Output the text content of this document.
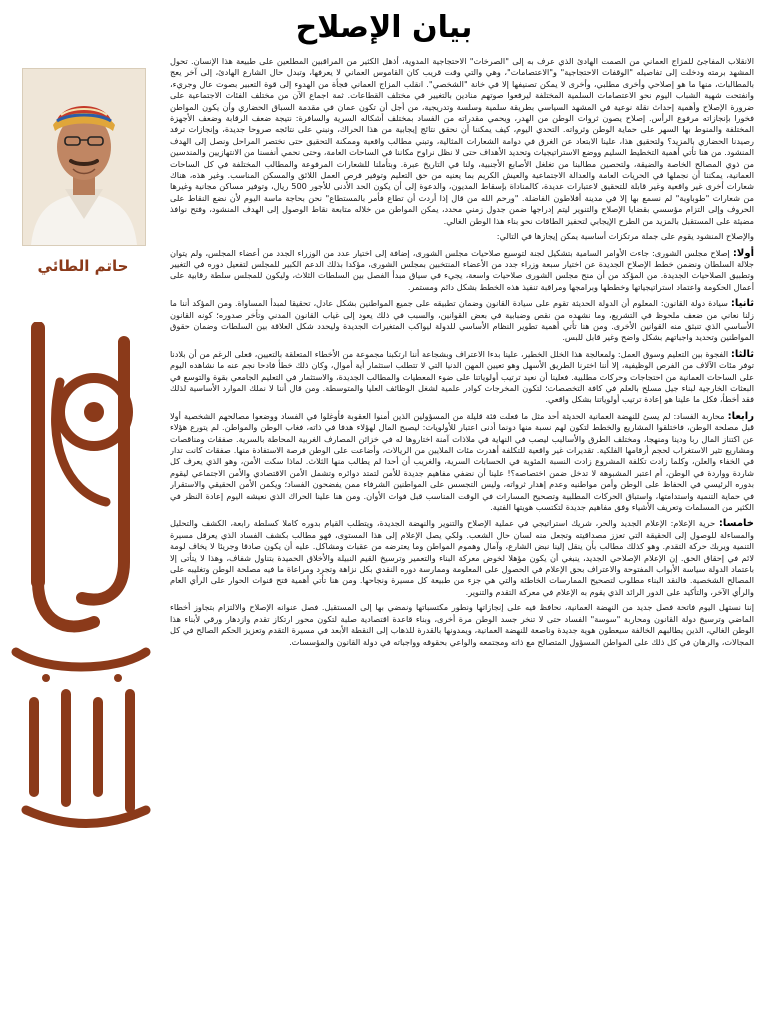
بيان الإصلاح

الانقلاب المفاجئ للمزاج العماني من الصمت الهادئ الذي عرف به إلى "الصرخات" الاحتجاجية المدوية، أذهل الكثير من المراقبين المطلعين على طبيعة هذا الإنسان. تحول المشهد برمته ودخلت إلى تفاصيله "الوقفات الاحتجاجية" و"الاعتصامات"، وهي والتي وقت قريب كان القاموس العماني لا يعرفها، وتبدل حال الشارع الهادئ، إلى آخر يعج بالمطالبات، منها ما هو إصلاحي وأخرى مطلبي، وأخرى لا يمكن تصنيفها إلا في خانة "الشخصي". انقلب المزاج العماني فجأة من الهدوء إلى قوة التعبير بصوت عال وجريء، وانفتحت شهية الشباب اليوم نحو الاعتصامات السلمية المختلفة ليرفعوا صوتهم منادين بالتغيير في مختلف القطاعات. ثمة اجماع الآن من مختلف الفئات الاجتماعية على ضرورة الإصلاح وأهمية إحداث نقلة نوعية في المشهد السياسي بطريقة سلمية وسلسة وتدريجية، من أجل أن تكون عمان في مقدمة السباق الحضاري وأن يكون المواطن فخورا بإنجازاته مرفوع الرأس. إصلاح يصون ثروات الوطن من الهدر، ويحمي مقدراته من الفساد بمختلف أشكاله السرية والسافرة: نتيجة ضعف الرقابة وضعف الأجهزة المختلفة والمنوط بها السهر على حماية الوطن وثرواته. التحدي اليوم، كيف يمكننا أن نحقق نتائج إيجابية من هذا الحراك، ونبني على نتائجه صروحا جديدة، وإنجازات ترفد رصيدنا الحضاري بالمزيد؟ ولتحقيق هذا، علينا الابتعاد عن الغرق في دوامة الشعارات المثالية، وتبني مطالب واقعية وممكنة التحقيق حتى نختصر المراحل ونصل إلى الهدف المنشود. من هنا تأتي أهمية التخطيط السليم ووضع الاستراتيجيات وتحديد الأهداف حتى لا نظل نراوح مكاننا في الساحات العامة، وحتى نحمي أنفسنا من الانتهازيين والمندسين من ذوي المصالح الخاصة والضيقة، ولتحصين مطالبنا من تغلغل الأصابع الأجنبية، ولنا في التاريخ عبرة. وبتأملنا للشعارات المرفوعة والمطالب المختلفة في كل الساحات العمانية، يمكننا أن نجملها في الحريات العامة والعدالة الاجتماعية والعيش الكريم بما يعنيه من حق التعليم وتوفير فرص العمل اللائق والمسكن المناسب. وغير هذه، هناك شعارات أخرى غير واقعية وغير قابلة للتحقيق لاعتبارات عديدة، كالمناداة بإسقاط المديون، والدعوة إلى أن يكون الحد الأدنى للأجور 500 ريال، وتوفير مساكن مجانية وغيرها من شعارات "طوباوية" لم نسمع بها إلا في مدينة أفلاطون الفاضلة. "ورحم الله من قال إذا أردت أن تطاع فأمر بالمستطاع" نحن بحاجة ماسة اليوم لأن نضع النقاط على الحروف وإلى التزام مؤسسي بقضايا الإصلاح والتنوير ليتم إدراجها ضمن جدول زمني محدد، يمكن المواطن من خلاله متابعة نقاط الوصول إلى الهدف المنشود، وفتح نوافذ مضيئة على المستقبل بالمزيد من الطرح الإيجابي لتحفيز الطاقات نحو بناء هذا الوطن الغالي.

والإصلاح المنشود يقوم على جملة مرتكزات أساسية يمكن إيجازها في التالي:

أولا: إصلاح مجلس الشورى: جاءت الأوامر السامية بتشكيل لجنة لتوسيع صلاحيات مجلس الشورى، إضافة إلى اختيار عدد من الوزراء الجدد من أعضاء المجلس، ولم يتوان جلالة السلطان ونضمن خطط الإصلاح الجديدة عن اختيار سبعة وزراء جدد من الأعضاء المنتخبين بمجلس الشورى، مؤكدا بذلك الدعم الكبير للمجلس لتفعيل دوره في التغيير وتطبيق الصلاحيات الجديدة. من المؤكد من أن منح مجلس الشورى صلاحيات واسعة، يجيء في سياق مبدأ الفصل بين السلطات الثلاث، وليكون للمجلس سلطة رقابية على أعمال الحكومة واعتماد استراتيجياتها وخططها وبرامجها ومراقبة تنفيذ هذه الخطط بشكل دائم ومستمر.

ثانيا: سيادة دولة القانون: المعلوم أن الدولة الحديثة تقوم على سيادة القانون وضمان تطبيقه على جميع المواطنين بشكل عادل، تحقيقا لمبدأ المساواة. ومن المؤكد أننا ما زلنا نعاني من ضعف ملحوظ في التشريع، وما نشهده من نقص وضبابية في بعض القوانين، والسبب في ذلك يعود إلى غياب القانون المدني وتأخر صدوره؛ كونه القانون الأساسي الذي تنبثق منه القوانين الأخرى. ومن هنا تأتي أهمية تطوير النظام الأساسي للدولة ليواكب المتغيرات الجديدة وليحدد شكل العلاقة بين السلطات وضمان حقوق المواطنين وتحديد واجباتهم بشكل واضح وغير قابل للبس.

ثالثا: الفجوة بين التعليم وسوق العمل: ولمعالجة هذا الخلل الخطير، علينا بدءا الاعتراف وبشجاعة أننا ارتكبنا مجموعة من الأخطاء المتعلقة بالتعيين، فعلى الرغم من أن بلادنا توفر مئات الآلاف من الفرص الوظيفية، إلا أننا اخترنا الطريق الأسهل وهو تعيين المهن الدنيا التي لا تتطلب استثمار أية أموال، وكان ذلك خطأ فادحا نجم عنه ما نشاهده اليوم على الساحات العمانية من احتجاجات وحركات مطلبية. فعلينا أن نعيد ترتيب أولوياتنا على ضوء المعطيات والمطالب الجديدة، والاستثمار في التعليم الجامعي بقوة والتوسع في البعثات الخارجية لبناء جيل مسلح بالعلم في كافة التخصصات؛ لتكون المخرجات كوادر علمية لشغل الوظائف العليا والمتوسطة. ومن قال أننا لا نملك الموارد الأساسية لذلك فقد أخطأ، فكل ما علينا هو إعادة ترتيب أولوياتنا بشكل واقعي.

رابعا: محاربة الفساد: لم يسئ للنهضة العمانية الحديثة أحد مثل ما فعلت فئة قليلة من المسؤولين الذين أمنوا العقوبة فأوغلوا في الفساد ووضعوا مصالحهم الشخصية أولا قبل مصلحة الوطن، فاختلقوا المشاريع والخطط لتكون لهم نسبة منها دونما أدنى اعتبار للأولويات: ليصبح المال لهؤلاء هدفا في ذاته، فغاب الوطن والمواطن. لم يتورع هؤلاء عن اكتناز المال ربا ودينا ومنهجا، ومختلف الطرق والأساليب ليصب في النهاية في ملاذات آمنة اختاروها له في خزائن المصارف الغربية المحاطة بالسرية. صفقات ومناقصات ومشاريع تثير الاستغراب لحجم أرقامها الفلكية. تقديرات غير واقعية للتكلفة أهدرت مئات الملايين من الريالات، وأضاعت على الوطن فرصة الاستفادة منها. صفقات كانت تدار في الخفاء والعلن، وكلما زادت تكلفة المشروع زادت النسبة المئوية في الحسابات السرية، والغريب أن أحدا لم يطالب منها الثلاث. لماذا سكت الأمن، وهو الذي يعرف كل شاردة وواردة في الوطن، أم اعتبر المشبوهة لا تدخل ضمن اختصاصه؟! علينا أن نضفي مفاهيم جديدة للأمن لتمتد دوائره وتشمل الأمن الاقتصادي والأمن الاجتماعي ليقوم بدوره الرئيسي في الحفاظ على الوطن وأمن مواطنيه وعدم إهدار ثرواته، وليس التجسس على المواطنين الشرفاء ممن يفضحون الفساد؛ ويكمن الأمن الحقيقي والاستقرار في حماية التنمية واستدامتها، واستباق الحركات المطلبية وتصحيح المسارات في الوقت المناسب قبل فوات الأوان. ومن هنا علينا الحراك الذي نعيشه اليوم إعادة النظر في الكثير من المسلمات وتعريف الأشياء وفق مفاهيم جديدة لتكتسب هويتها الفتية.

خامسا: حرية الإعلام: الإعلام الجديد والحر، شريك استراتيجي في عملية الإصلاح والتنوير والنهضة الجديدة، ويتطلب القيام بدوره كاملا كسلطة رابعة، الكشف والتحليل والمساءلة للوصول إلى الحقيقة التي تعزز مصداقيته وتجعل منه لسان حال الشعب. ولكي يصل الإعلام إلى هذا المستوى، فهو مطالب بكشف الفساد الذي يعرقل مسيرة التنمية ويربك حركة التقدم. وهو كذلك مطالب بأن ينقل إلينا نبض الشارع، وآمال وهموم المواطن وما يعترضه من عقبات ومشاكل. عليه أن يكون صادقا وجريئا لا يخاف لومة لائم في إحقاق الحق. إن الإعلام الإصلاحي الجديد، ينبغي أن يكون مؤهلا لخوض معركة البناء والتعمير وترسيخ القيم النبيلة والأخلاق الحميدة بتناول شفاف، وهذا لا يتأتى إلا باعتماد الدولة سياسة الأبواب المفتوحة والاعتراف بحق الإعلام في الحصول على المعلومة وممارسة دوره النقدي بكل نزاهة وتجرد ومراعاة ما فيه مصلحة الوطن وتغليبه على المصالح الشخصية. فالنقد البناء مطلوب لتصحيح الممارسات الخاطئة والتي هي جزء من طبيعة كل مسيرة ونجاحها. ومن هنا تأتي أهمية فتح قنوات الحوار على الرأي العام والرأي الآخر، والتأكيد على الدور الرائد الذي يقوم به الإعلام في معركة التقدم والتنوير.

إننا نستهل اليوم فاتحة فصل جديد من النهضة العمانية، نحافظ فيه على إنجازاتها ونطور مكتسباتها ونمضي بها إلى المستقبل. فصل عنوانه الإصلاح والالتزام بتجاوز أخطاء الماضي وترسيخ دولة القانون ومحاربة "سوسة" الفساد حتى لا تنخر جسد الوطن مرة أخرى، وبناء قاعدة اقتصادية صلبة لتكون محور ارتكاز تقدم وازدهار ورقي لأبناء هذا الوطن الغالي، الذين يطالبهم الخالفة سيعطون هوية جديدة وناصعة للنهضة العمانية، ويمدونها بالقدرة للذهاب إلى النقطة الأبعد في مسيرة التقدم وتعزيز الحكم الصالح في كل المجالات، والرهان في كل ذلك على المواطن المسؤول المتصالح مع ذاته ومجتمعه والواعي بحقوقه وواجباته في دولة القانون والمؤسسات.

حاتم الطائي
